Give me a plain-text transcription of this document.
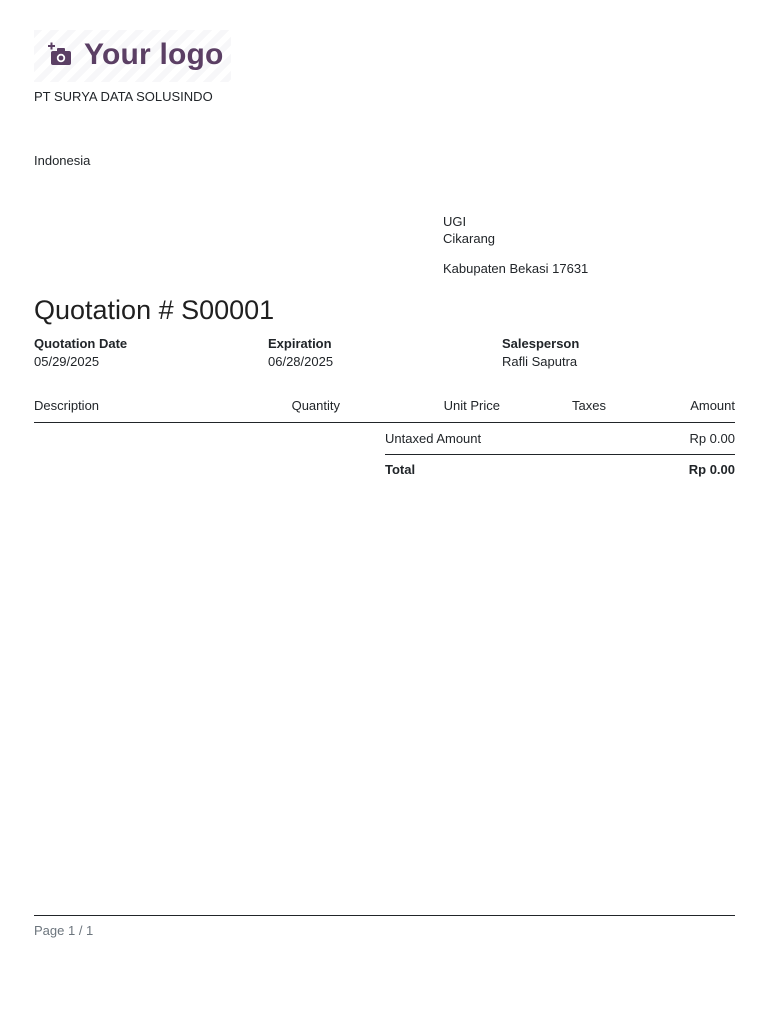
Your logo
PT SURYA DATA SOLUSINDO
Indonesia
UGI
Cikarang
Kabupaten Bekasi 17631
Quotation # S00001
Quotation Date
05/29/2025
Expiration
06/28/2025
Salesperson
Rafli Saputra
Description	Quantity	Unit Price	Taxes	Amount
Untaxed Amount	Rp 0.00
Total	Rp 0.00
Page 1 / 1
